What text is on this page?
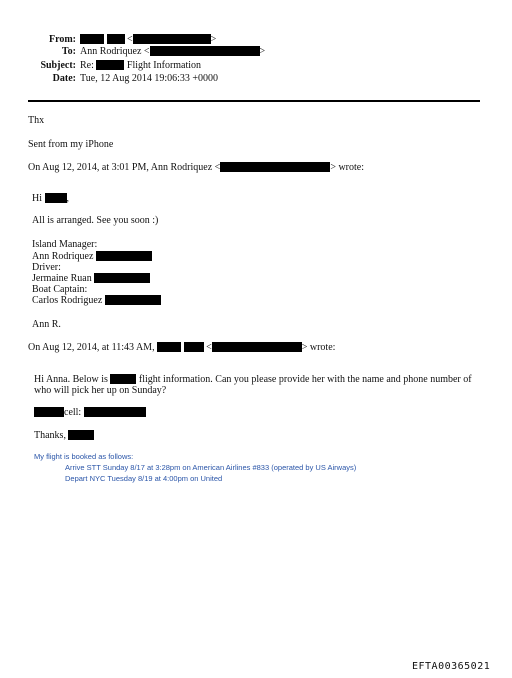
From:	<	>
To: Ann Rodriquez <	>
Subject: Re:	Flight Information
Date: Tue, 12 Aug 2014 19:06:33 +0000
Thx
Sent from my iPhone
On Aug 12, 2014, at 3:01 PM, Ann Rodriquez <	> wrote:
Hi ,
All is arranged. See you soon :)
Island Manager:
Ann Rodriquez
Driver:
Jermaine Ruan
Boat Captain:
Carlos Rodriguez
Ann R.
On Aug 12, 2014, at 11:43 AM,	<	> wrote:
Hi Anna. Below is	flight information. Can you please provide her with the name and phone number of
who will pick her up on Sunday?
cell:
Thanks,
My flight is booked as follows:
Arrive STT Sunday 8/17 at 3:28pm on American Airlines #833 (operated by US Airways)
Depart NYC Tuesday 8/19 at 4:00pm on United
EFTA00365021
